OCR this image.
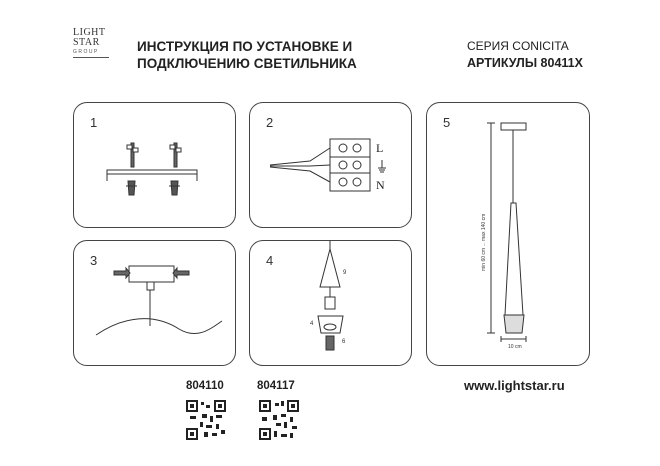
LIGHT
STAR
GROUP	ИНСТРУКЦИЯ ПО УСТАНОВКЕ И
ПОДКЛЮЧЕНИЮ СВЕТИЛЬНИКА
СЕРИЯ CONICITA
АРТИКУЛЫ 80411X
1	2
L
N
3	4
9
4
6
5
min 60 cm ... max 140 cm
10 cm
804110	804117	www.lightstar.ru
